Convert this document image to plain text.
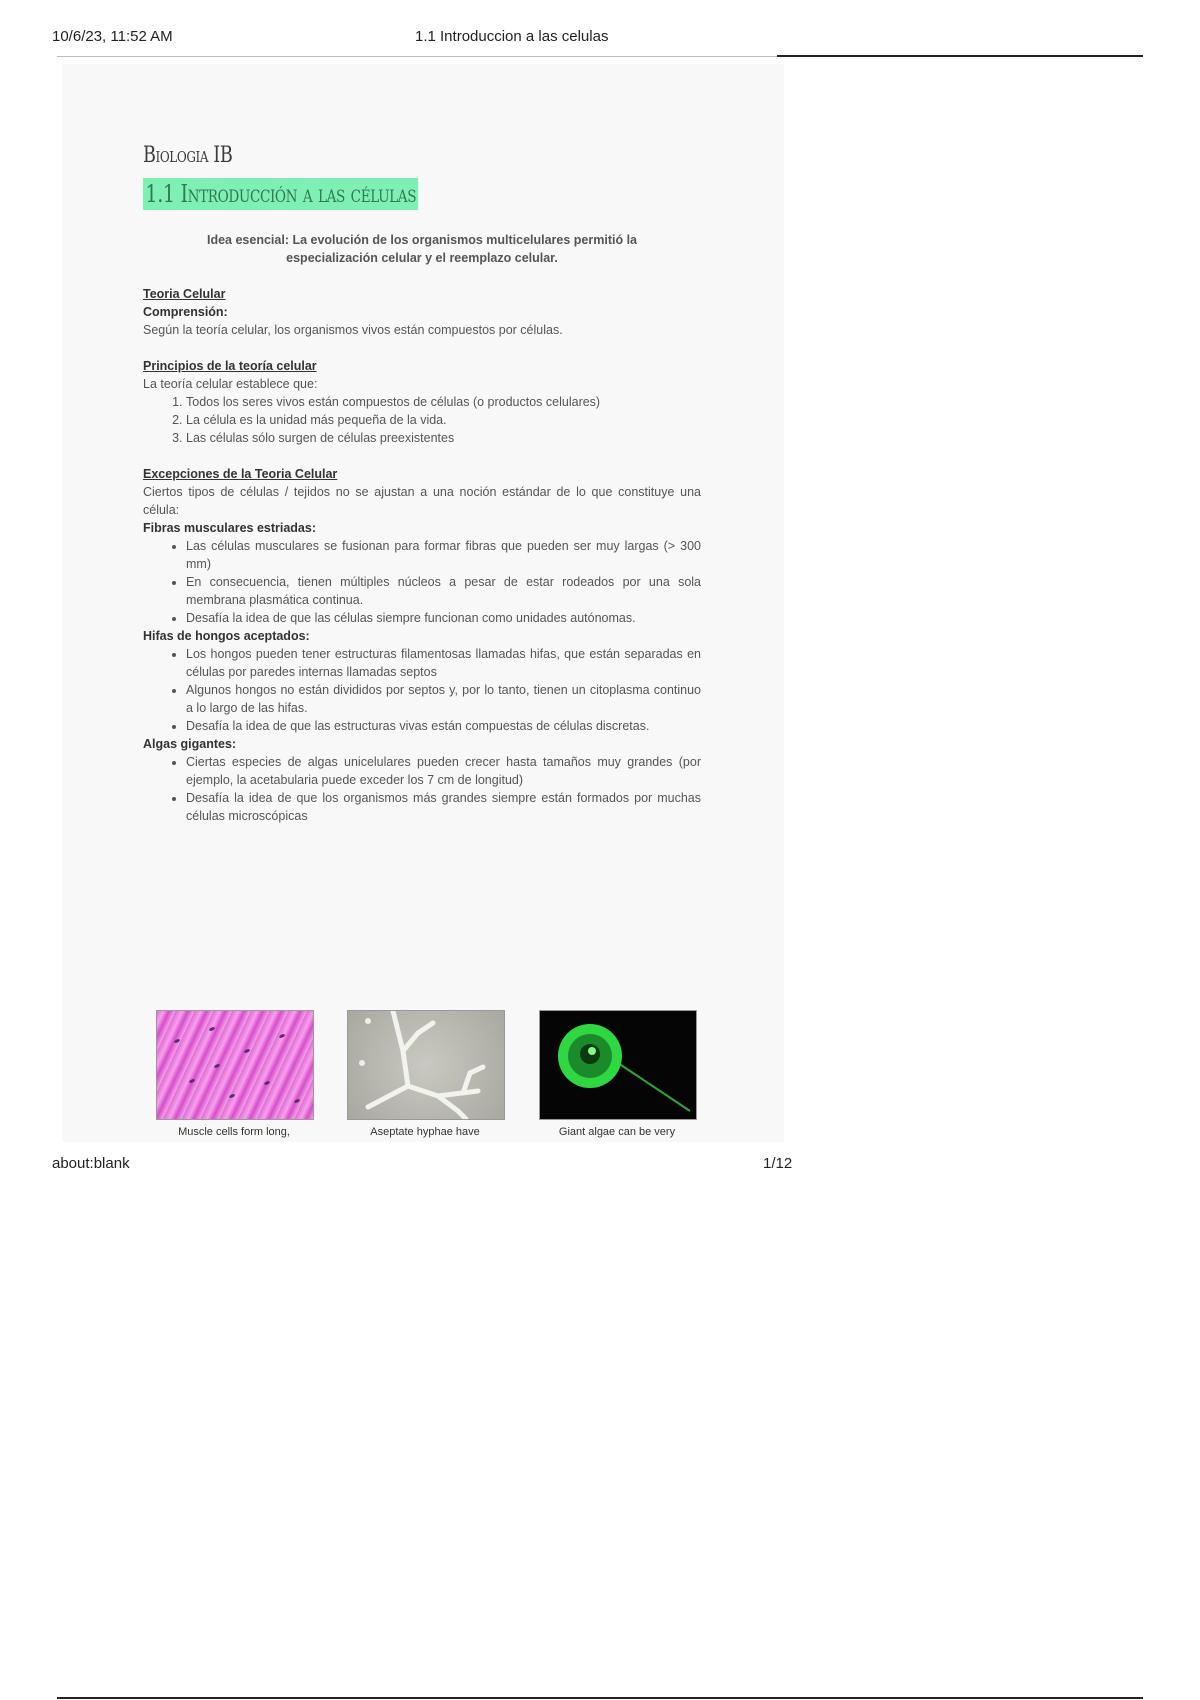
10/6/23, 11:52 AM	1.1 Introduccion a las celulas
Biologia IB
1.1 Introducción a las células
Idea esencial: La evolución de los organismos multicelulares permitió la especialización celular y el reemplazo celular.
Teoria Celular
Comprensión:
Según la teoría celular, los organismos vivos están compuestos por células.
Principios de la teoría celular
La teoría celular establece que:
1. Todos los seres vivos están compuestos de células (o productos celulares)
2. La célula es la unidad más pequeña de la vida.
3. Las células sólo surgen de células preexistentes
Excepciones de la Teoria Celular
Ciertos tipos de células / tejidos no se ajustan a una noción estándar de lo que constituye una célula:
Fibras musculares estriadas:
• Las células musculares se fusionan para formar fibras que pueden ser muy largas (> 300 mm)
• En consecuencia, tienen múltiples núcleos a pesar de estar rodeados por una sola membrana plasmática continua.
• Desafía la idea de que las células siempre funcionan como unidades autónomas.
Hifas de hongos aceptados:
• Los hongos pueden tener estructuras filamentosas llamadas hifas, que están separadas en células por paredes internas llamadas septos
• Algunos hongos no están divididos por septos y, por lo tanto, tienen un citoplasma continuo a lo largo de las hifas.
• Desafía la idea de que las estructuras vivas están compuestas de células discretas.
Algas gigantes:
• Ciertas especies de algas unicelulares pueden crecer hasta tamaños muy grandes (por ejemplo, la acetabularia puede exceder los 7 cm de longitud)
• Desafía la idea de que los organismos más grandes siempre están formados por muchas células microscópicas
Muscle cells form long,	Aseptate hyphae have	Giant algae can be very
about:blank	1/12
